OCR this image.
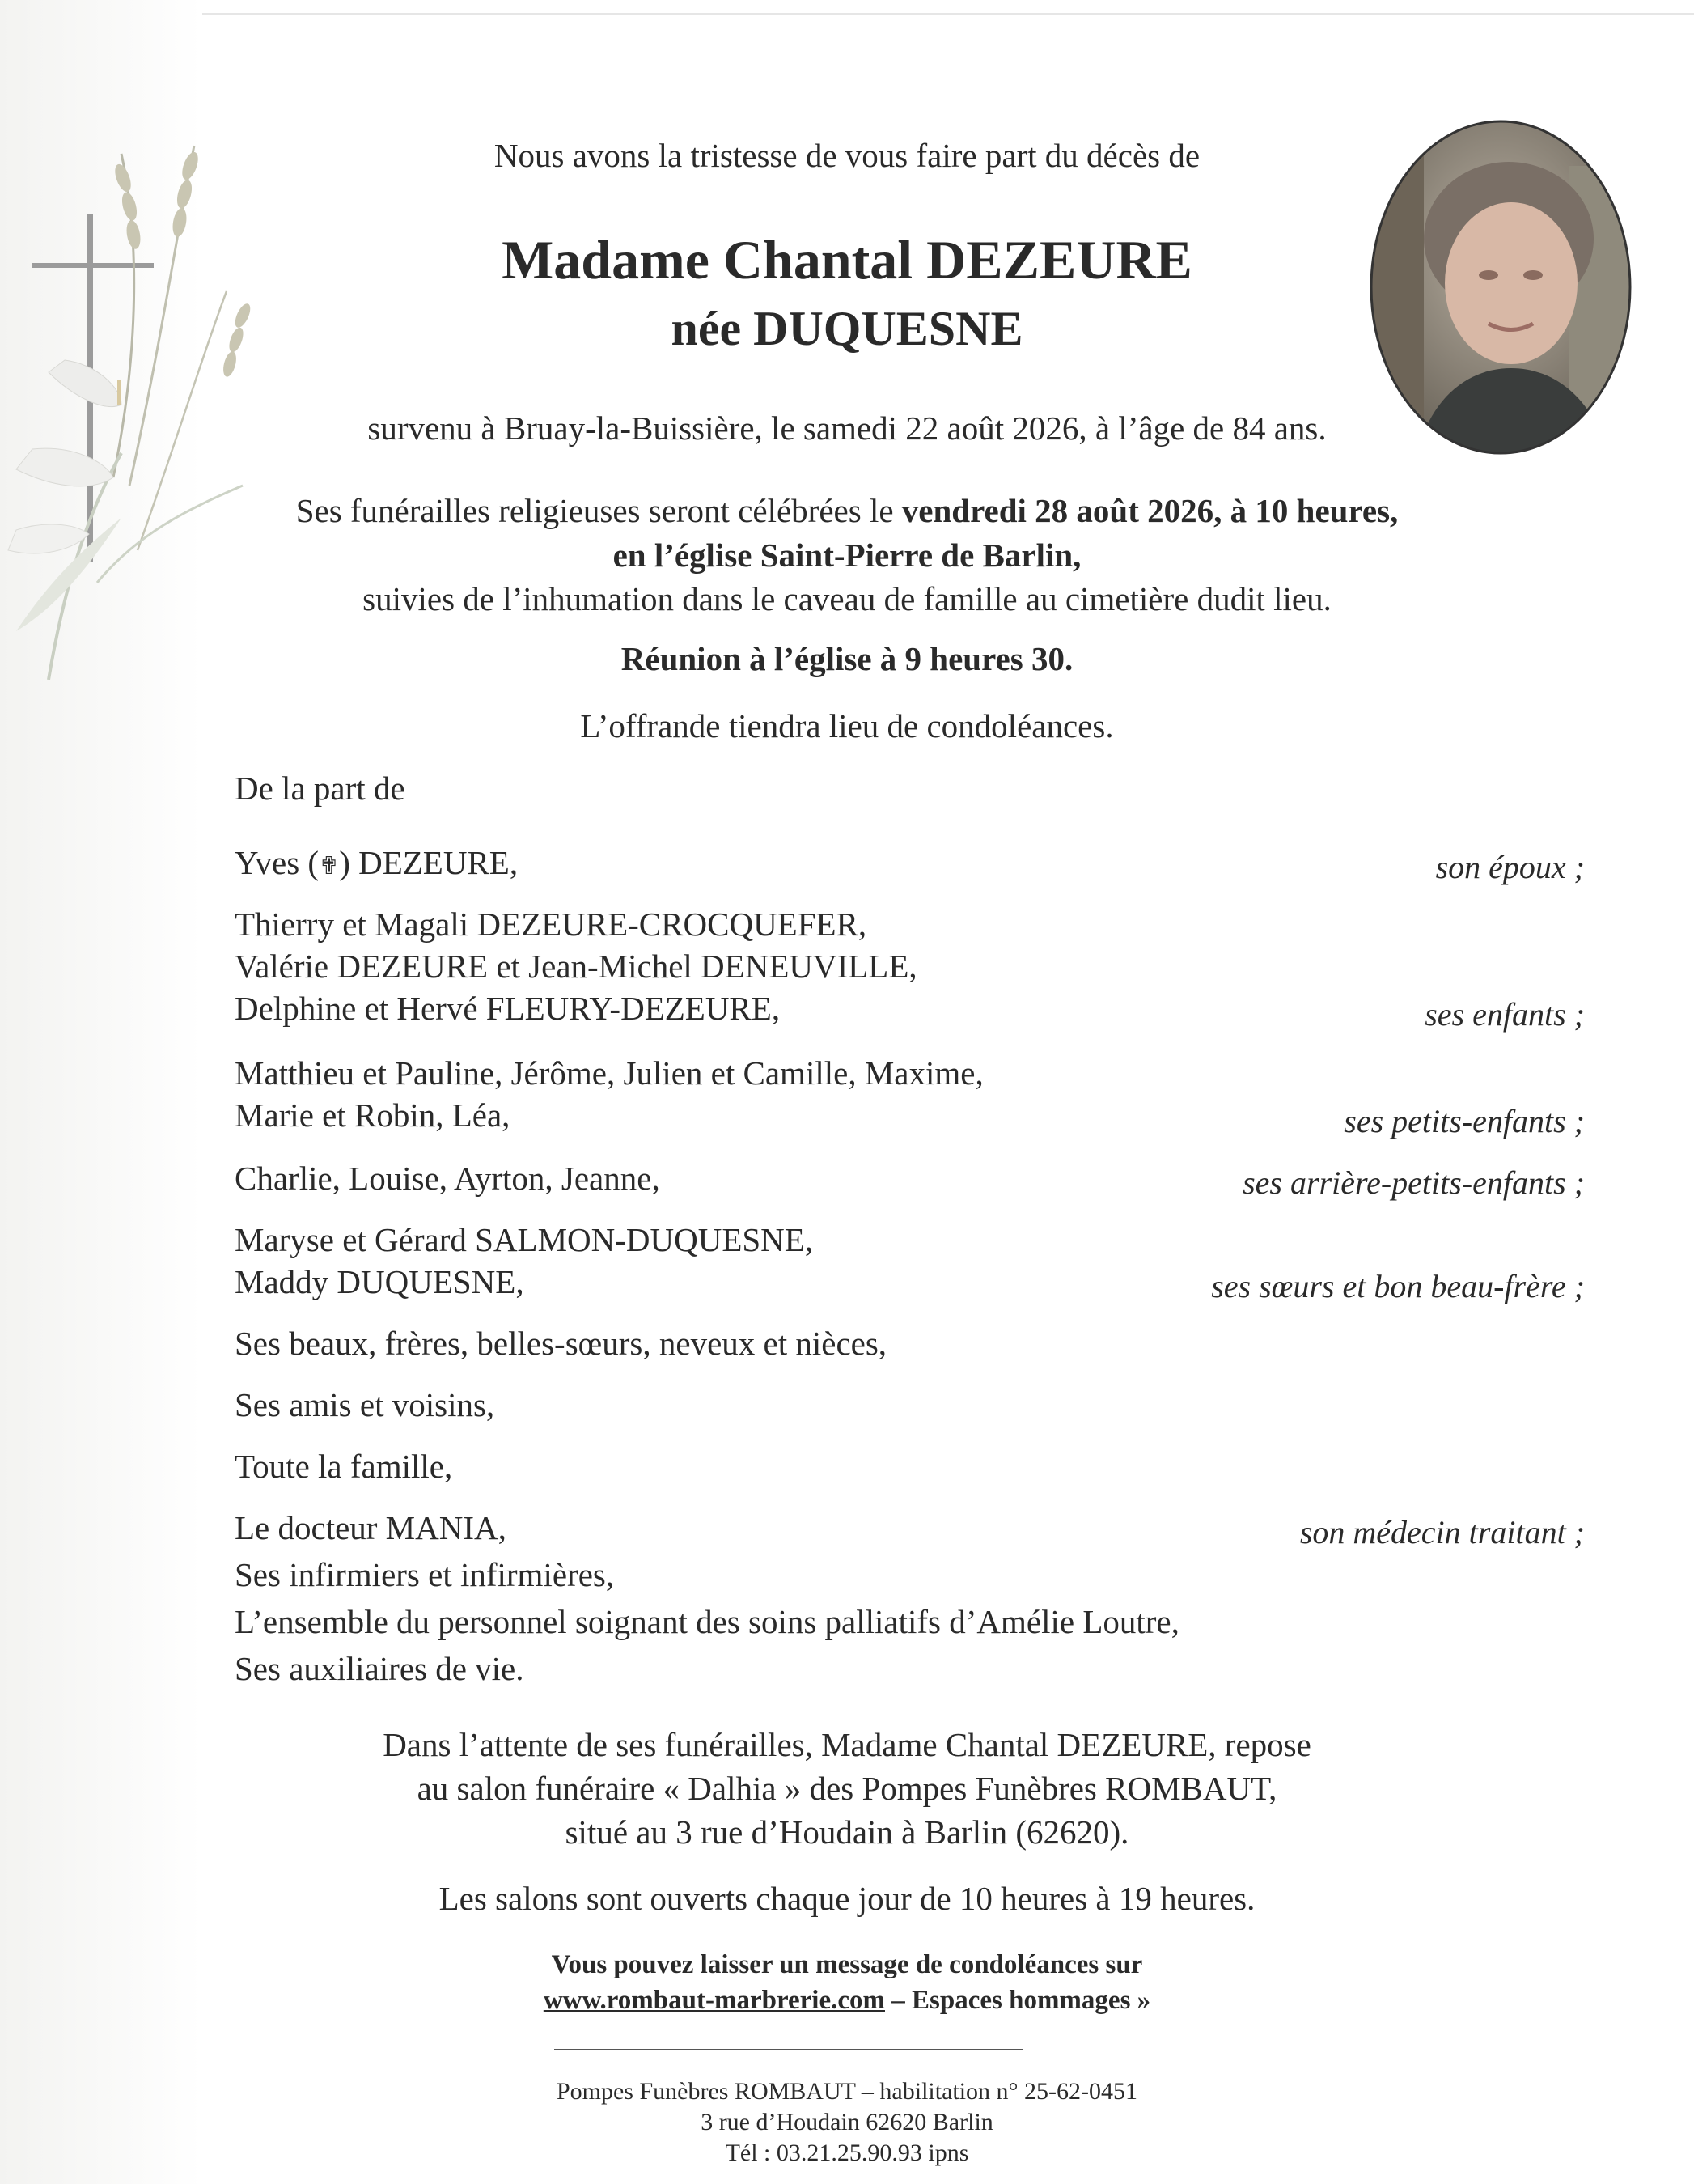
Nous avons la tristesse de vous faire part du décès de
Madame Chantal DEZEURE
née DUQUESNE
survenu à Bruay-la-Buissière, le samedi 22 août 2026, à l’âge de 84 ans.
Ses funérailles religieuses seront célébrées le vendredi 28 août 2026, à 10 heures,
en l’église Saint-Pierre de Barlin,
suivies de l’inhumation dans le caveau de famille au cimetière dudit lieu.
Réunion à l’église à 9 heures 30.
L’offrande tiendra lieu de condoléances.
De la part de
Yves (✟) DEZEURE,	son époux ;
Thierry et Magali DEZEURE-CROCQUEFER,
Valérie DEZEURE et Jean-Michel DENEUVILLE,
Delphine et Hervé FLEURY-DEZEURE,	ses enfants ;
Matthieu et Pauline, Jérôme, Julien et Camille, Maxime,
Marie et Robin, Léa,	ses petits-enfants ;
Charlie, Louise, Ayrton, Jeanne,	ses arrière-petits-enfants ;
Maryse et Gérard SALMON-DUQUESNE,
Maddy DUQUESNE,	ses sœurs et bon beau-frère ;
Ses beaux, frères, belles-sœurs, neveux et nièces,
Ses amis et voisins,
Toute la famille,
Le docteur MANIA,	son médecin traitant ;
Ses infirmiers et infirmières,
L’ensemble du personnel soignant des soins palliatifs d’Amélie Loutre,
Ses auxiliaires de vie.
Dans l’attente de ses funérailles, Madame Chantal DEZEURE, repose
au salon funéraire « Dalhia » des Pompes Funèbres ROMBAUT,
situé au 3 rue d’Houdain à Barlin (62620).
Les salons sont ouverts chaque jour de 10 heures à 19 heures.
Vous pouvez laisser un message de condoléances sur
www.rombaut-marbrerie.com – Espaces hommages »
Pompes Funèbres ROMBAUT – habilitation n° 25-62-0451
3 rue d’Houdain 62620 Barlin
Tél : 03.21.25.90.93 ipns
